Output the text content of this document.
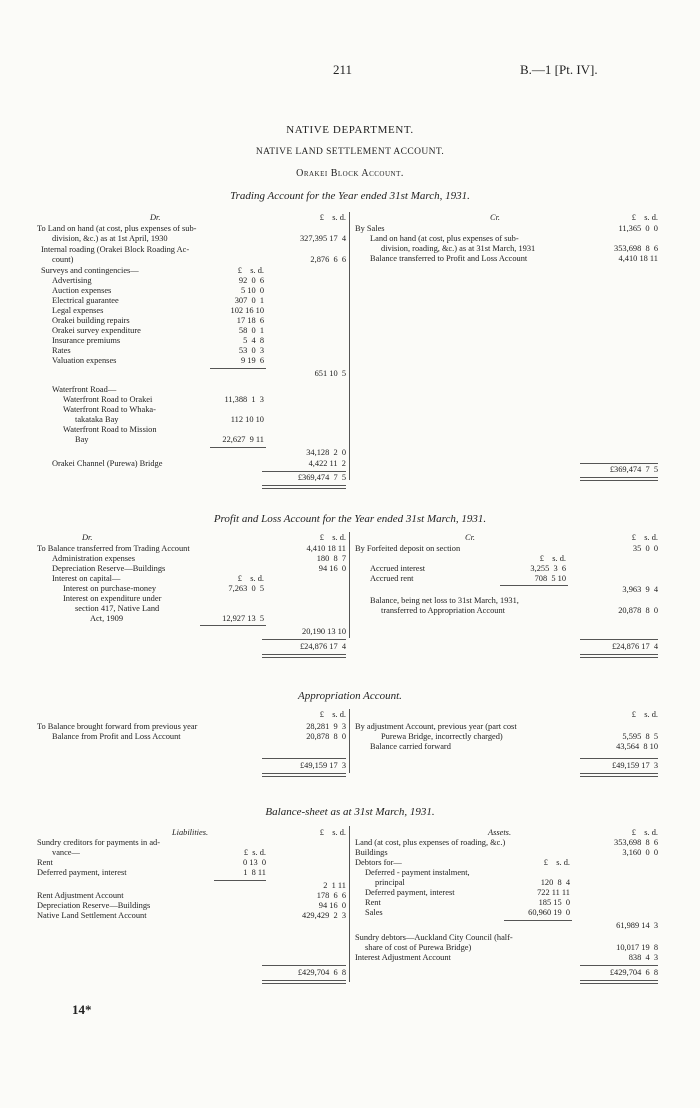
211	B.—1 [Pt. IV].
NATIVE DEPARTMENT.
NATIVE LAND SETTLEMENT ACCOUNT.
Orakei Block Account.
Trading Account for the Year ended 31st March, 1931.
Dr.	£    s. d.	Cr.	£    s. d.
To Land on hand (at cost, plus expenses of sub-
division, &c.) as at 1st April, 1930	327,395 17  4
Internal roading (Orakei Block Roading Ac-
count)	2,876  6  6
Surveys and contingencies—	£    s. d.
Advertising	92  0  6
Auction expenses	5 10  0
Electrical guarantee	307  0  1
Legal expenses	102 16 10
Orakei building repairs	17 18  6
Orakei survey expenditure	58  0  1
Insurance premiums	5  4  8
Rates	53  0  3
Valuation expenses	9 19  6
651 10  5
Waterfront Road—
Waterfront Road to Orakei	11,388  1  3
Waterfront Road to Whaka-
takataka Bay	112 10 10
Waterfront Road to Mission
Bay	22,627  9 11
34,128  2  0
Orakei Channel (Purewa) Bridge	4,422 11  2
£369,474  7  5
By Sales	11,365  0  0
Land on hand (at cost, plus expenses of sub-
division, roading, &c.) as at 31st March, 1931	353,698  8  6
Balance transferred to Profit and Loss Account	4,410 18 11
£369,474  7  5
Profit and Loss Account for the Year ended 31st March, 1931.
Dr.	£    s. d.	Cr.	£    s. d.
To Balance transferred from Trading Account	4,410 18 11
Administration expenses	180  8  7
Depreciation Reserve—Buildings	94 16  0
Interest on capital—	£    s. d.
Interest on purchase-money	7,263  0  5
Interest on expenditure under
section 417, Native Land
Act, 1909	12,927 13  5
20,190 13 10
£24,876 17  4
By Forfeited deposit on section	35  0  0
£    s. d.
Accrued interest	3,255  3  6
Accrued rent	708  5 10
3,963  9  4
Balance, being net loss to 31st March, 1931,
transferred to Appropriation Account	20,878  8  0
£24,876 17  4
Appropriation Account.
£    s. d.	£    s. d.
To Balance brought forward from previous year	28,281  9  3
Balance from Profit and Loss Account	20,878  8  0
£49,159 17  3
By adjustment Account, previous year (part cost
Purewa Bridge, incorrectly charged)	5,595  8  5
Balance carried forward	43,564  8 10
£49,159 17  3
Balance-sheet as at 31st March, 1931.
Liabilities.	£    s. d.	Assets.	£    s. d.
Sundry creditors for payments in ad-
vance—	£  s. d.
Rent	0 13  0
Deferred payment, interest	1  8 11
2  1 11
Rent Adjustment Account	178  6  6
Depreciation Reserve—Buildings	94 16  0
Native Land Settlement Account	429,429  2  3
£429,704  6  8
Land (at cost, plus expenses of roading, &c.)	353,698  8  6
Buildings	3,160  0  0
Debtors for—	£    s. d.
Deferred - payment instalment,
principal	120  8  4
Deferred payment, interest	722 11 11
Rent	185 15  0
Sales	60,960 19  0
61,989 14  3
Sundry debtors—Auckland City Council (half-
share of cost of Purewa Bridge)	10,017 19  8
Interest Adjustment Account	838  4  3
£429,704  6  8
14*
